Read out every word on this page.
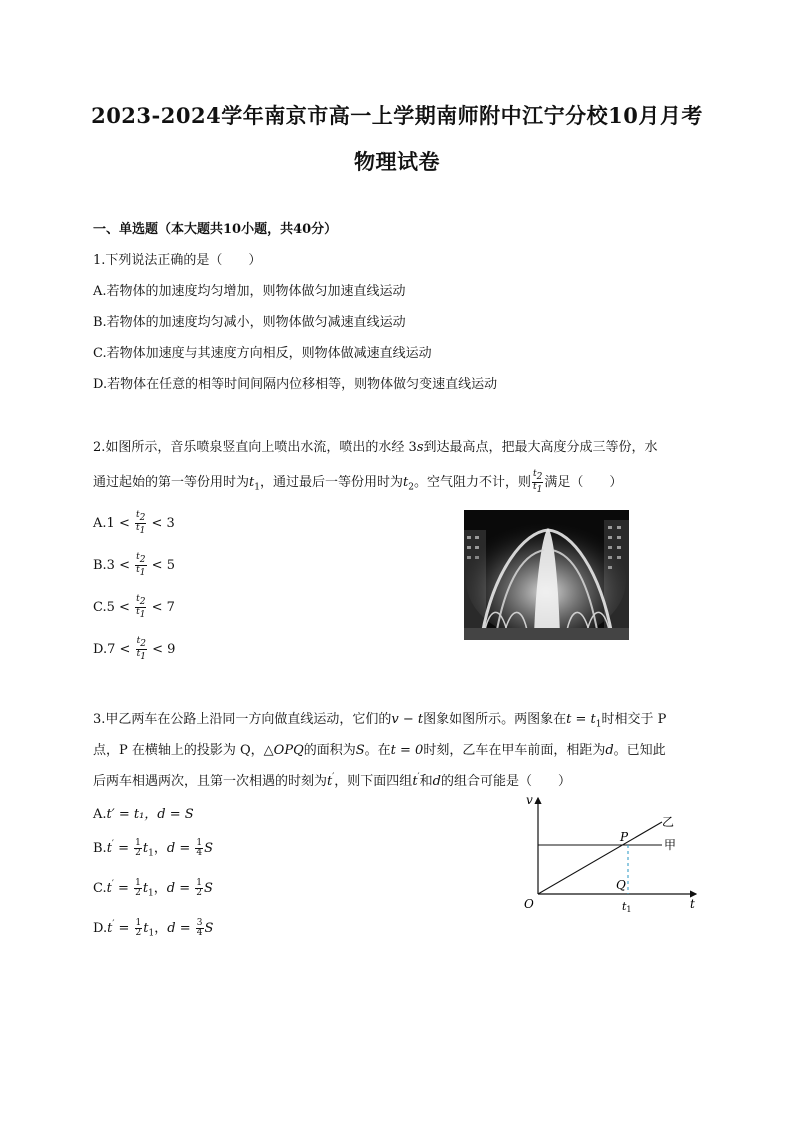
2023-2024学年南京市高一上学期南师附中江宁分校10月月考
物理试卷
一、单选题（本大题共10小题，共40分）
1.下列说法正确的是（　　）
A.若物体的加速度均匀增加，则物体做匀加速直线运动
B.若物体的加速度均匀减小，则物体做匀减速直线运动
C.若物体加速度与其速度方向相反，则物体做减速直线运动
D.若物体在任意的相等时间间隔内位移相等，则物体做匀变速直线运动
2.如图所示，音乐喷泉竖直向上喷出水流，喷出的水经 3s到达最高点，把最大高度分成三等份，水
通过起始的第一等份用时为$t_1$，通过最后一等份用时为$t_2$。空气阻力不计，则 $\frac{t_2}{t_1}$ 满足（　　）
$A.1 < \frac{t_2}{t_1} < 3$
$B.3 < \frac{t_2}{t_1} < 5$
$C.5 < \frac{t_2}{t_1} < 7$
$D.7 < \frac{t_2}{t_1} < 9$
3.甲乙两车在公路上沿同一方向做直线运动，它们的v − t图象如图所示。两图象在$t = t_1$时相交于 P
点，P 在横轴上的投影为 Q，△OPQ的面积为S。在t = 0时刻，乙车在甲车前面，相距为d。已知此
后两车相遇两次，且第一次相遇的时刻为t′，则下面四组t′和d的组合可能是（　　）
A.t′ = t₁，d = S
$B.t' = \frac{1}{2} t_1$，$d = \frac{1}{4}$ S
$C.t' = \frac{1}{2} t_1$，$d = \frac{1}{2}$ S
$D.t' = \frac{1}{2} t_1$，$d = \frac{3}{4}$ S
v
t
O
P
Q
t1
乙
甲
